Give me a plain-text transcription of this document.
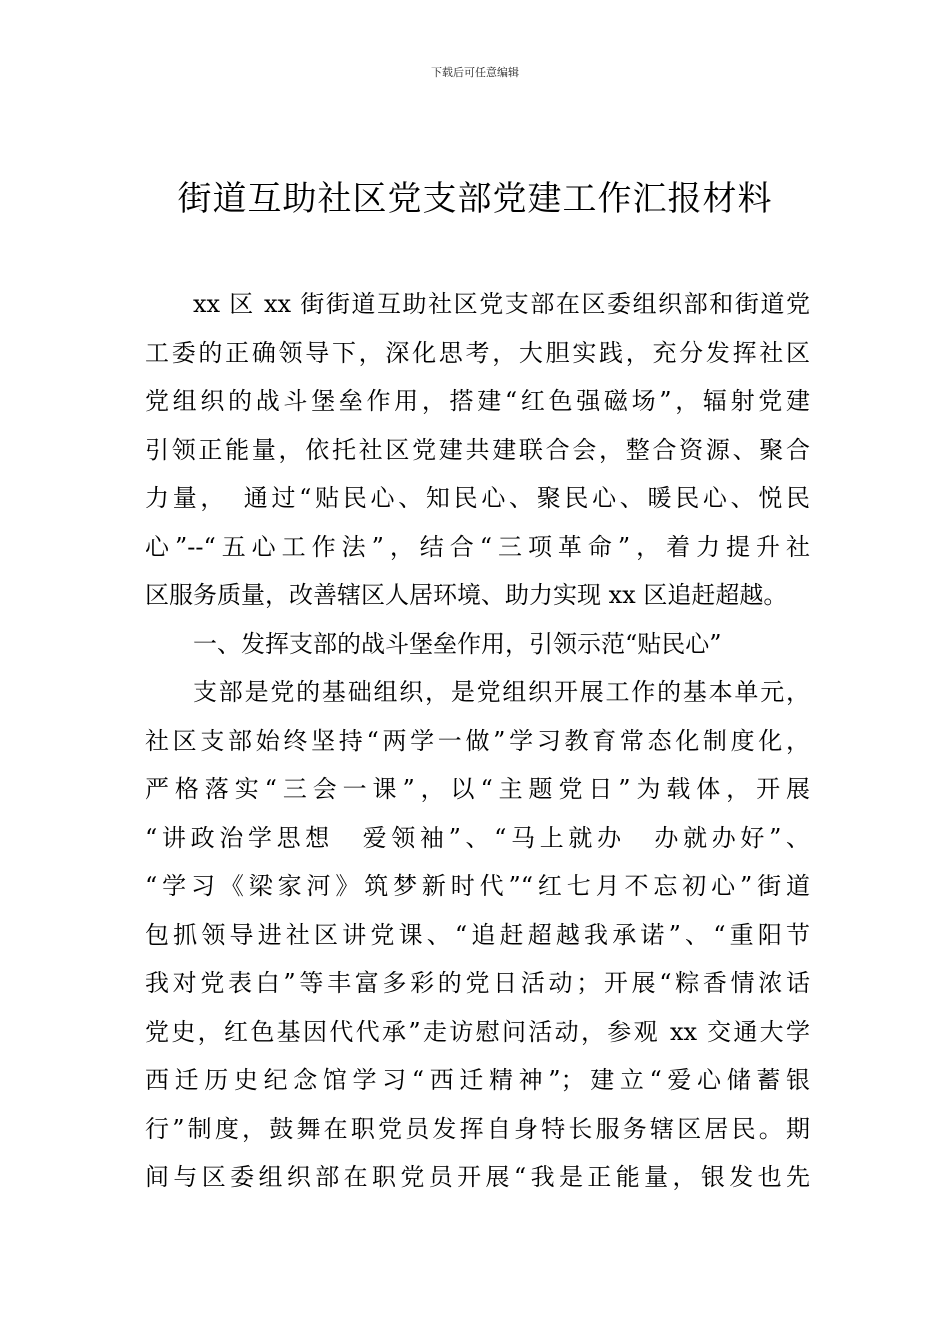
下载后可任意编辑
街道互助社区党支部党建工作汇报材料
xx 区 xx 街街道互助社区党支部在区委组织部和街道党
工委的正确领导下，深化思考，大胆实践，充分发挥社区
党组织的战斗堡垒作用，搭建“红色强磁场”，辐射党建
引领正能量，依托社区党建共建联合会，整合资源、聚合
力量，　通过“贴民心、知民心、聚民心、暖民心、悦民
心”--“五心工作法”，结合“三项革命”，着力提升社
区服务质量，改善辖区人居环境、助力实现 xx 区追赶超越。
一、发挥支部的战斗堡垒作用，引领示范“贴民心”
支部是党的基础组织，是党组织开展工作的基本单元，
社区支部始终坚持“两学一做”学习教育常态化制度化，
严格落实“三会一课”，以“主题党日”为载体，开展
“讲政治学思想　爱领袖”、“马上就办　办就办好”、
“学习《梁家河》筑梦新时代”“红七月不忘初心”街道
包抓领导进社区讲党课、“追赶超越我承诺”、“重阳节
我对党表白”等丰富多彩的党日活动；开展“粽香情浓话
党史，红色基因代代承”走访慰问活动，参观 xx 交通大学
西迁历史纪念馆学习“西迁精神”；建立“爱心储蓄银
行”制度，鼓舞在职党员发挥自身特长服务辖区居民。期
间与区委组织部在职党员开展“我是正能量，银发也先
